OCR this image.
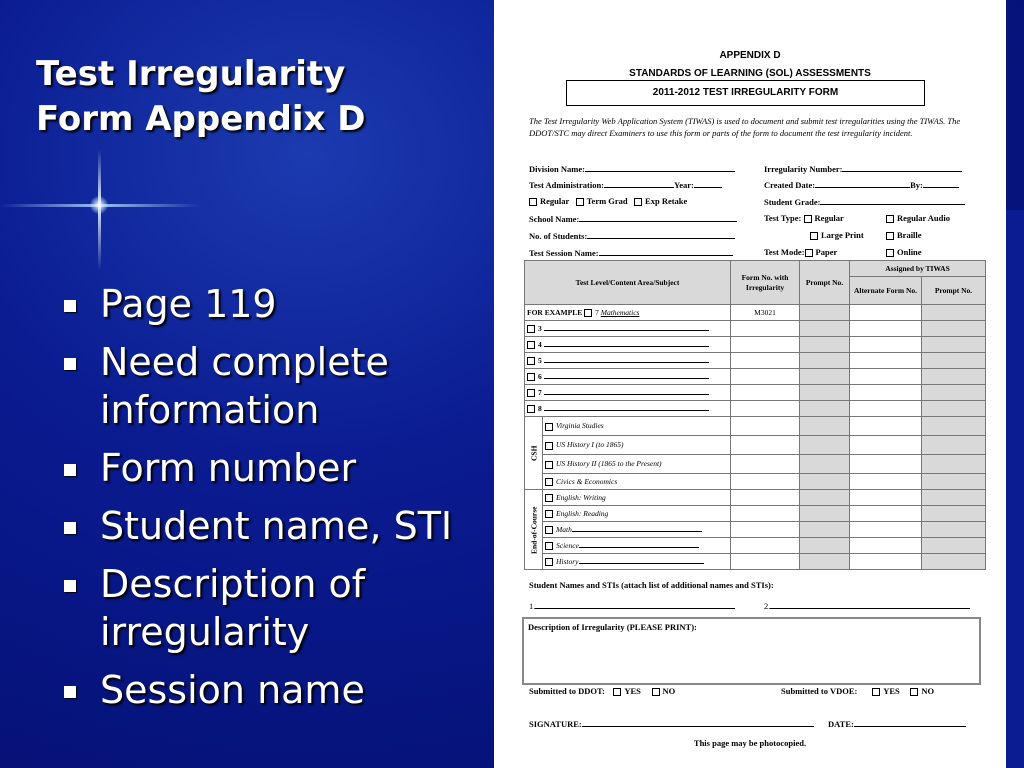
Test Irregularity
Form Appendix D
Page 119
Need complete information
Form number
Student name, STI
Description of irregularity
Session name
APPENDIX D
STANDARDS OF LEARNING (SOL) ASSESSMENTS
2011-2012 TEST IRREGULARITY FORM
The Test Irregularity Web Application System (TIWAS) is used to document and submit test irregularities using the TIWAS. The DDOT/STC may direct Examiners to use this form or parts of the form to document the test irregularity incident.
Division Name:	Irregularity Number:
Test Administration:	Year:	Created Date:	By:
Regular Term Grad Exp Retake	Student Grade:
School Name:	Test Type: Regular	Regular Audio
No. of Students:	Large Print	Braille
Test Session Name:	Test Mode: Paper	Online
Test Level/Content Area/Subject		Form No. with Irregularity	Prompt No.	Assigned by TIWAS	
				Alternate Form No.	Prompt No.
FOR EXAMPLE 7 Mathematics		M3021			
3					
4					
5					
6					
7					
8					
CSH	Virginia Studies				
	US History I (to 1865)				
	US History II (1865 to the Present)				
	Civics & Economics				
End-of-Course	English: Writing				
	English: Reading				
	Math				
	Science				
	History				
Student Names and STIs (attach list of additional names and STIs):
1.	2.
Description of Irregularity (PLEASE PRINT):
Submitted to DDOT: YES	NO	Submitted to VDOE:	YES	NO
SIGNATURE:	DATE:
This page may be photocopied.
